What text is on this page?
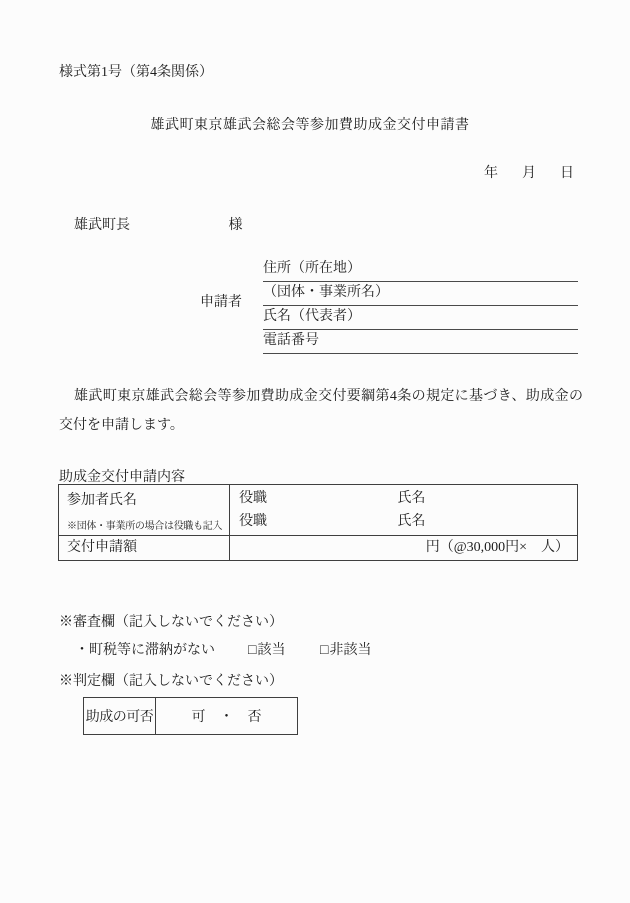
様式第1号（第4条関係）
雄武町東京雄武会総会等参加費助成金交付申請書
年 月 日
雄武町長	様
申請者
住所（所在地）
（団体・事業所名）
氏名（代表者）
電話番号
雄武町東京雄武会総会等参加費助成金交付要綱第4条の規定に基づき、助成金の交付を申請します。
助成金交付申請内容
参加者氏名
※団体・事業所の場合は役職も記入
役職	氏名
役職	氏名
交付申請額	円（@30,000円×　人）
※審査欄（記入しないでください）
・町税等に滞納がない □該当 □非該当
※判定欄（記入しないでください）
助成の可否	可　・　否
